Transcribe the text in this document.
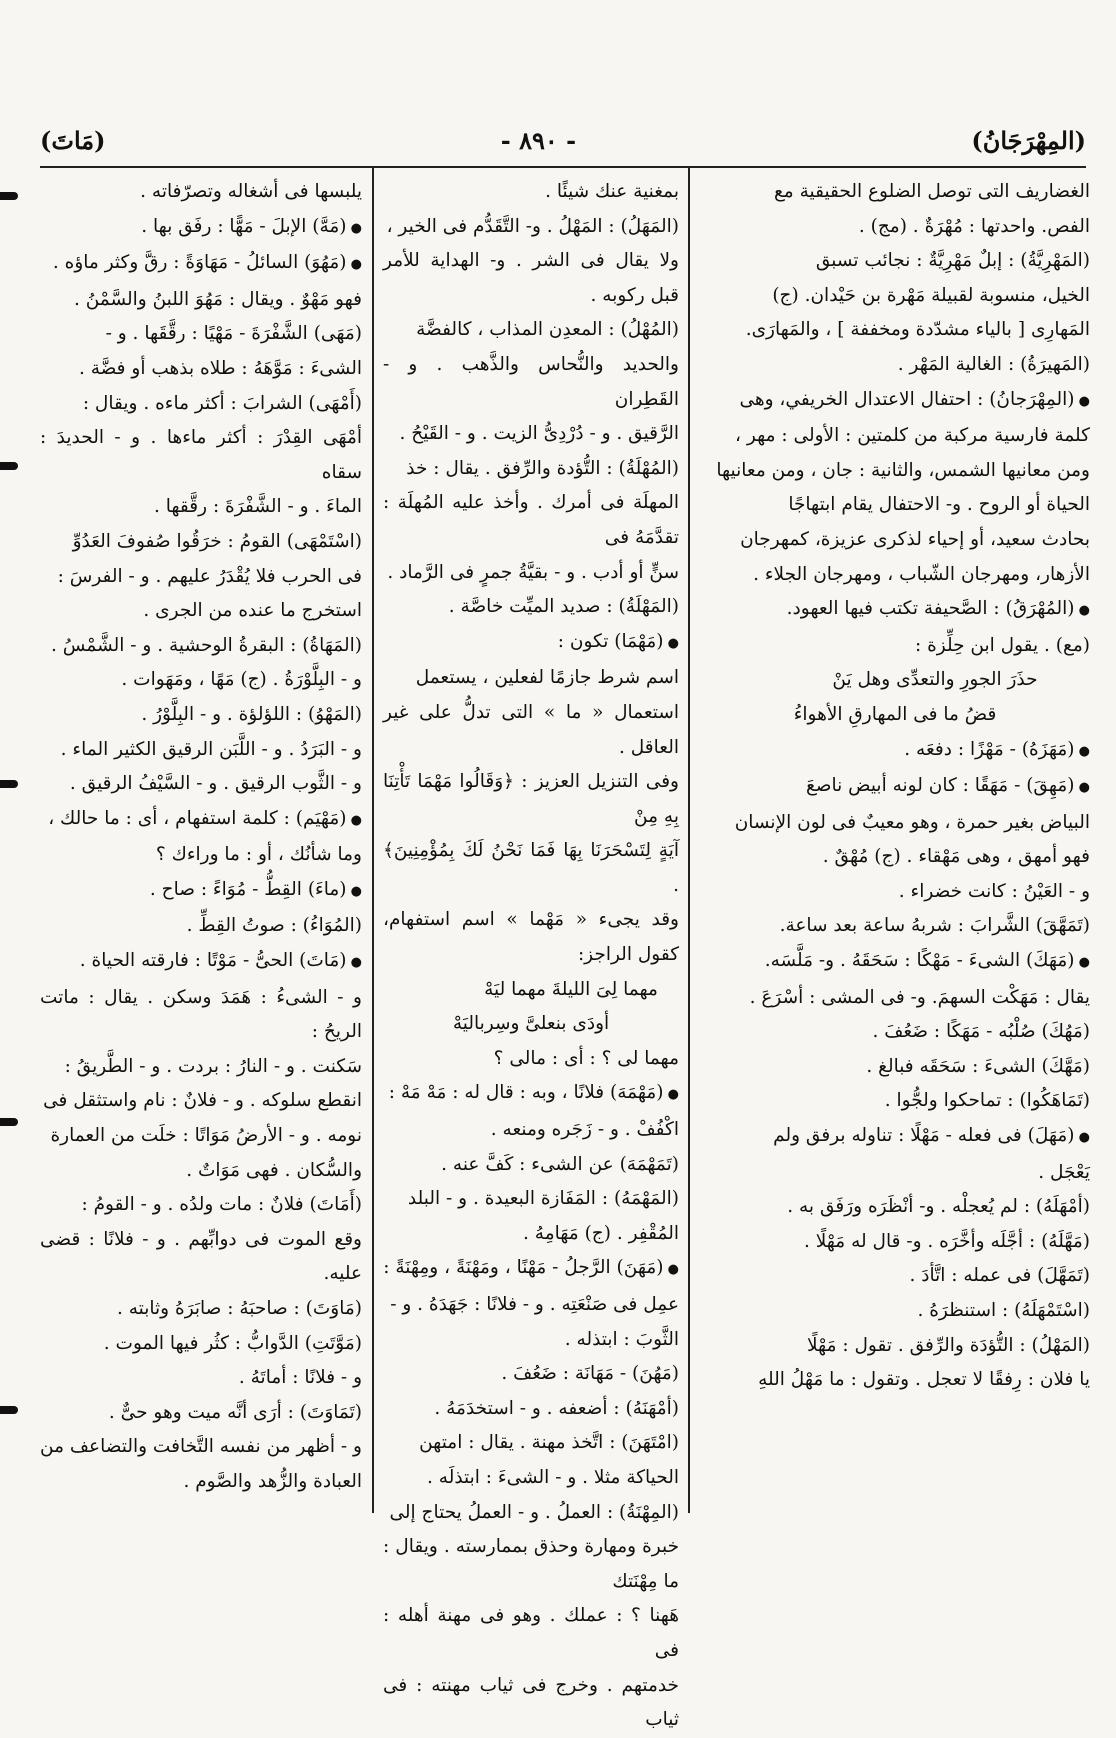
(المِهْرَجَانُ)
- ٨٩٠ -
(مَاتَ)

الغضاريف التى توصل الضلوع الحقيقية مع

الفص. واحدتها : مُهْرَةٌ . (مج) .

(المَهْرِيَّةُ) : إبلٌ مَهْرِيَّةٌ : نجائب تسبق

الخيل، منسوبة لقبيلة مَهْرة بن حَيْدان. (ج)

المَهارِى [ بالياء مشدّدة ومخففة ] ، والمَهارَى.

(المَهيرَةُ) : الغالية المَهْر .

● (المِهْرَجانُ) : احتفال الاعتدال الخريفي، وهى

كلمة فارسية مركبة من كلمتين : الأولى : مهر ،

ومن معانيها الشمس، والثانية : جان ، ومن معانيها

الحياة أو الروح . و- الاحتفال يقام ابتهاجًا

بحادث سعيد، أو إحياء لذكرى عزيزة، كمهرجان

الأزهار، ومهرجان الشّباب ، ومهرجان الجلاء .

● (المُهْرَقُ) : الصَّحيفة تكتب فيها العهود.

(مع) . يقول ابن حِلِّزة :

حذَرَ الجورِ والتعدِّى وهل يَنْ

قضُ ما فى المهارقِ الأهواءُ

● (مَهَزَهُ) - مَهْزًا : دفعَه .

● (مَهِقَ) - مَهَقًا : كان لونه أبيض ناصعَ

البياض بغير حمرة ، وهو معيبٌ فى لون الإنسان

فهو أمهق ، وهى مَهْقاء . (ج) مُهْقٌ .

و - العَيْنُ : كانت خضراء .

(تَمَهَّقَ) الشَّرابَ : شربهُ ساعة بعد ساعة.

● (مَهَكَ) الشىءَ - مَهْكًا : سَحَقَهُ . و- مَلَّسَه.

يقال : مَهَكْت السهمَ. و- فى المشى : أسْرَعَ .

(مَهُكَ) صُلْبُه - مَهَكًا : ضَعُفَ .

(مَهَّكَ) الشىءَ : سَحَقَه فبالغ .

(تَمَاهَكُوا) : تماحكوا ولجُّوا .

● (مَهَلَ) فى فعله - مَهْلًا : تناوله برفق ولم

يَعْجَل .

(أمْهَلَهُ) : لم يُعجلْه . و- أنْظَرَه ورَفَق به .

(مَهَّلَهُ) : أجَّلَه وأخَّرَه . و- قال له مَهْلًا .

(تَمَهَّلَ) فى عمله : اتَّأدَ .

(اسْتَمْهَلَهُ) : استنظرَهُ .

(المَهْلُ) : التُّؤدَة والرِّفق . تقول : مَهْلًا

يا فلان : رِفقًا لا تعجل . وتقول : ما مَهْلُ اللهِ

بمغنية عنك شيئًا .

(المَهَلُ) : المَهْلُ . و- التَّقَدُّم فى الخير ،

ولا يقال فى الشر . و- الهداية للأمر قبل ركوبه .

(المُهْلُ) : المعدِن المذاب ، كالفضَّة

والحديد والنُّحاس والذَّهب . و - القَطِران

الرَّقيق . و - دُرْدِىُّ الزيت . و - القَيْحُ .

(المُهْلَةُ) : التُّؤدة والرِّفق . يقال : خذ

المهلَة فى أمرك . وأخذ عليه المُهلَة : تقدَّمَهُ فى

سنٍّ أو أدب . و - بقيَّةُ جمرٍ فى الرَّماد .

(المَهْلَةُ) : صديد الميِّت خاصَّة .

● (مَهْمَا) تكون :

اسم شرط جازمًا لفعلين ، يستعمل

استعمال « ما » التى تدلُّ على غير العاقل .

وفى التنزيل العزيز : ﴿وَقَالُوا مَهْمَا تَأْتِنَا بِهِ مِنْ

آيَةٍ لِتَسْحَرَنَا بِهَا فَمَا نَحْنُ لَكَ بِمُؤْمِنِينَ﴾ .

وقد يجىء « مَهْما » اسم استفهام، كقول الراجز:

مهما لِىَ الليلةَ مهما ليَهْ

أودَى بنعلىَّ وسِرباليَهْ

مهما لى ؟ : أى : مالى ؟

● (مَهْمَهَ) فلانًا ، وبه : قال له : مَهْ مَهْ :

اكْفُفْ . و - زَجَره ومنعه .

(تَمَهْمَهَ) عن الشىء : كَفَّ عنه .

(المَهْمَهُ) : المَفَازة البعيدة . و - البلد

المُقْفِر . (ج) مَهَامِهُ .

● (مَهَنَ) الرَّجلُ - مَهْنًا ، ومَهْنَةً ، ومِهْنَةً :

عمِل فى صَنْعَتِه . و - فلانًا : جَهَدَهُ . و -

الثَّوبَ : ابتذله .

(مَهُنَ) - مَهَانَة : ضَعُفَ .

(أمْهَنَهُ) : أضعفه . و - استخدَمَهُ .

(امْتَهَنَ) : اتَّخذ مهنة . يقال : امتهن

الحياكة مثلا . و - الشىءَ : ابتذلَه .

(المِهْنَةُ) : العملُ . و - العملُ يحتاج إلى

خبرة ومهارة وحذق بممارسته . ويقال : ما مِهْنَتك

هَهنا ؟ : عملك . وهو فى مهنة أهله : فى

خدمتهم . وخرج فى ثياب مهنته : فى ثياب

يلبسها فى أشغاله وتصرّفاته .

● (مَهَّ) الإبلَ - مَهًّا : رفَق بها .

● (مَهُوَ) السائلُ - مَهَاوَةً : رقَّ وكثر ماؤه .

فهو مَهْوٌ . ويقال : مَهُوَ اللبنُ والسَّمْنُ .

(مَهَى) الشَّفْرَةَ - مَهْيًا : رقَّقَها . و -

الشىءَ : مَوَّهَهُ : طلاه بذهب أو فضَّة .

(أَمْهَى) الشرابَ : أكثر ماءه . ويقال :

أمْهَى القِدْرَ : أكثر ماءها . و - الحديدَ : سقاه

الماءَ . و - الشَّفْرَةَ : رقَّقها .

(اسْتَمْهَى) القومُ : خرَقُوا صُفوفَ العَدُوِّ

فى الحرب فلا يُقْدَرُ عليهم . و - الفرسَ :

استخرج ما عنده من الجرى .

(المَهَاةُ) : البقرةُ الوحشية . و - الشَّمْسُ .

و - البِلَّوْرَةُ . (ج) مَهًا ، ومَهَوات .

(المَهْوُ) : اللؤلؤة . و - البِلَّوْرُ .

و - البَرَدُ . و - اللَّبَن الرقيق الكثير الماء .

و - الثَّوب الرقيق . و - السَّيْفُ الرقيق .

● (مَهْيَم) : كلمة استفهام ، أى : ما حالك ،

وما شأنُك ، أو : ما وراءك ؟

● (ماءَ) القِطُّ - مُوَاءً : صاح .

(المُوَاءُ) : صوتُ القِطِّ .

● (مَاتَ) الحىُّ - مَوْتًا : فارقته الحياة .

و - الشىءُ : هَمَدَ وسكن . يقال : ماتت الريحُ :

سَكنت . و - النارُ : بردت . و - الطَّريقُ :

انقطع سلوكه . و - فلانٌ : نام واستثقل فى

نومه . و - الأرضُ مَوَاتًا : خلَت من العمارة

والسُّكان . فهى مَوَاتٌ .

(أَمَاتَ) فلانٌ : مات ولدُه . و - القومُ :

وقع الموت فى دوابِّهم . و - فلانًا : قضى عليه.

(مَاوَتَ) : صاحبَهُ : صابَرَهُ وثابته .

(مَوَّتَتِ) الدَّوابُّ : كثُر فيها الموت .

و - فلانًا : أماتَهُ .

(تَمَاوَتَ) : أرَى أنَّه ميت وهو حىٌّ .

و - أظهر من نفسه التَّخافت والتضاعف من

العبادة والزُّهد والصَّوم .
